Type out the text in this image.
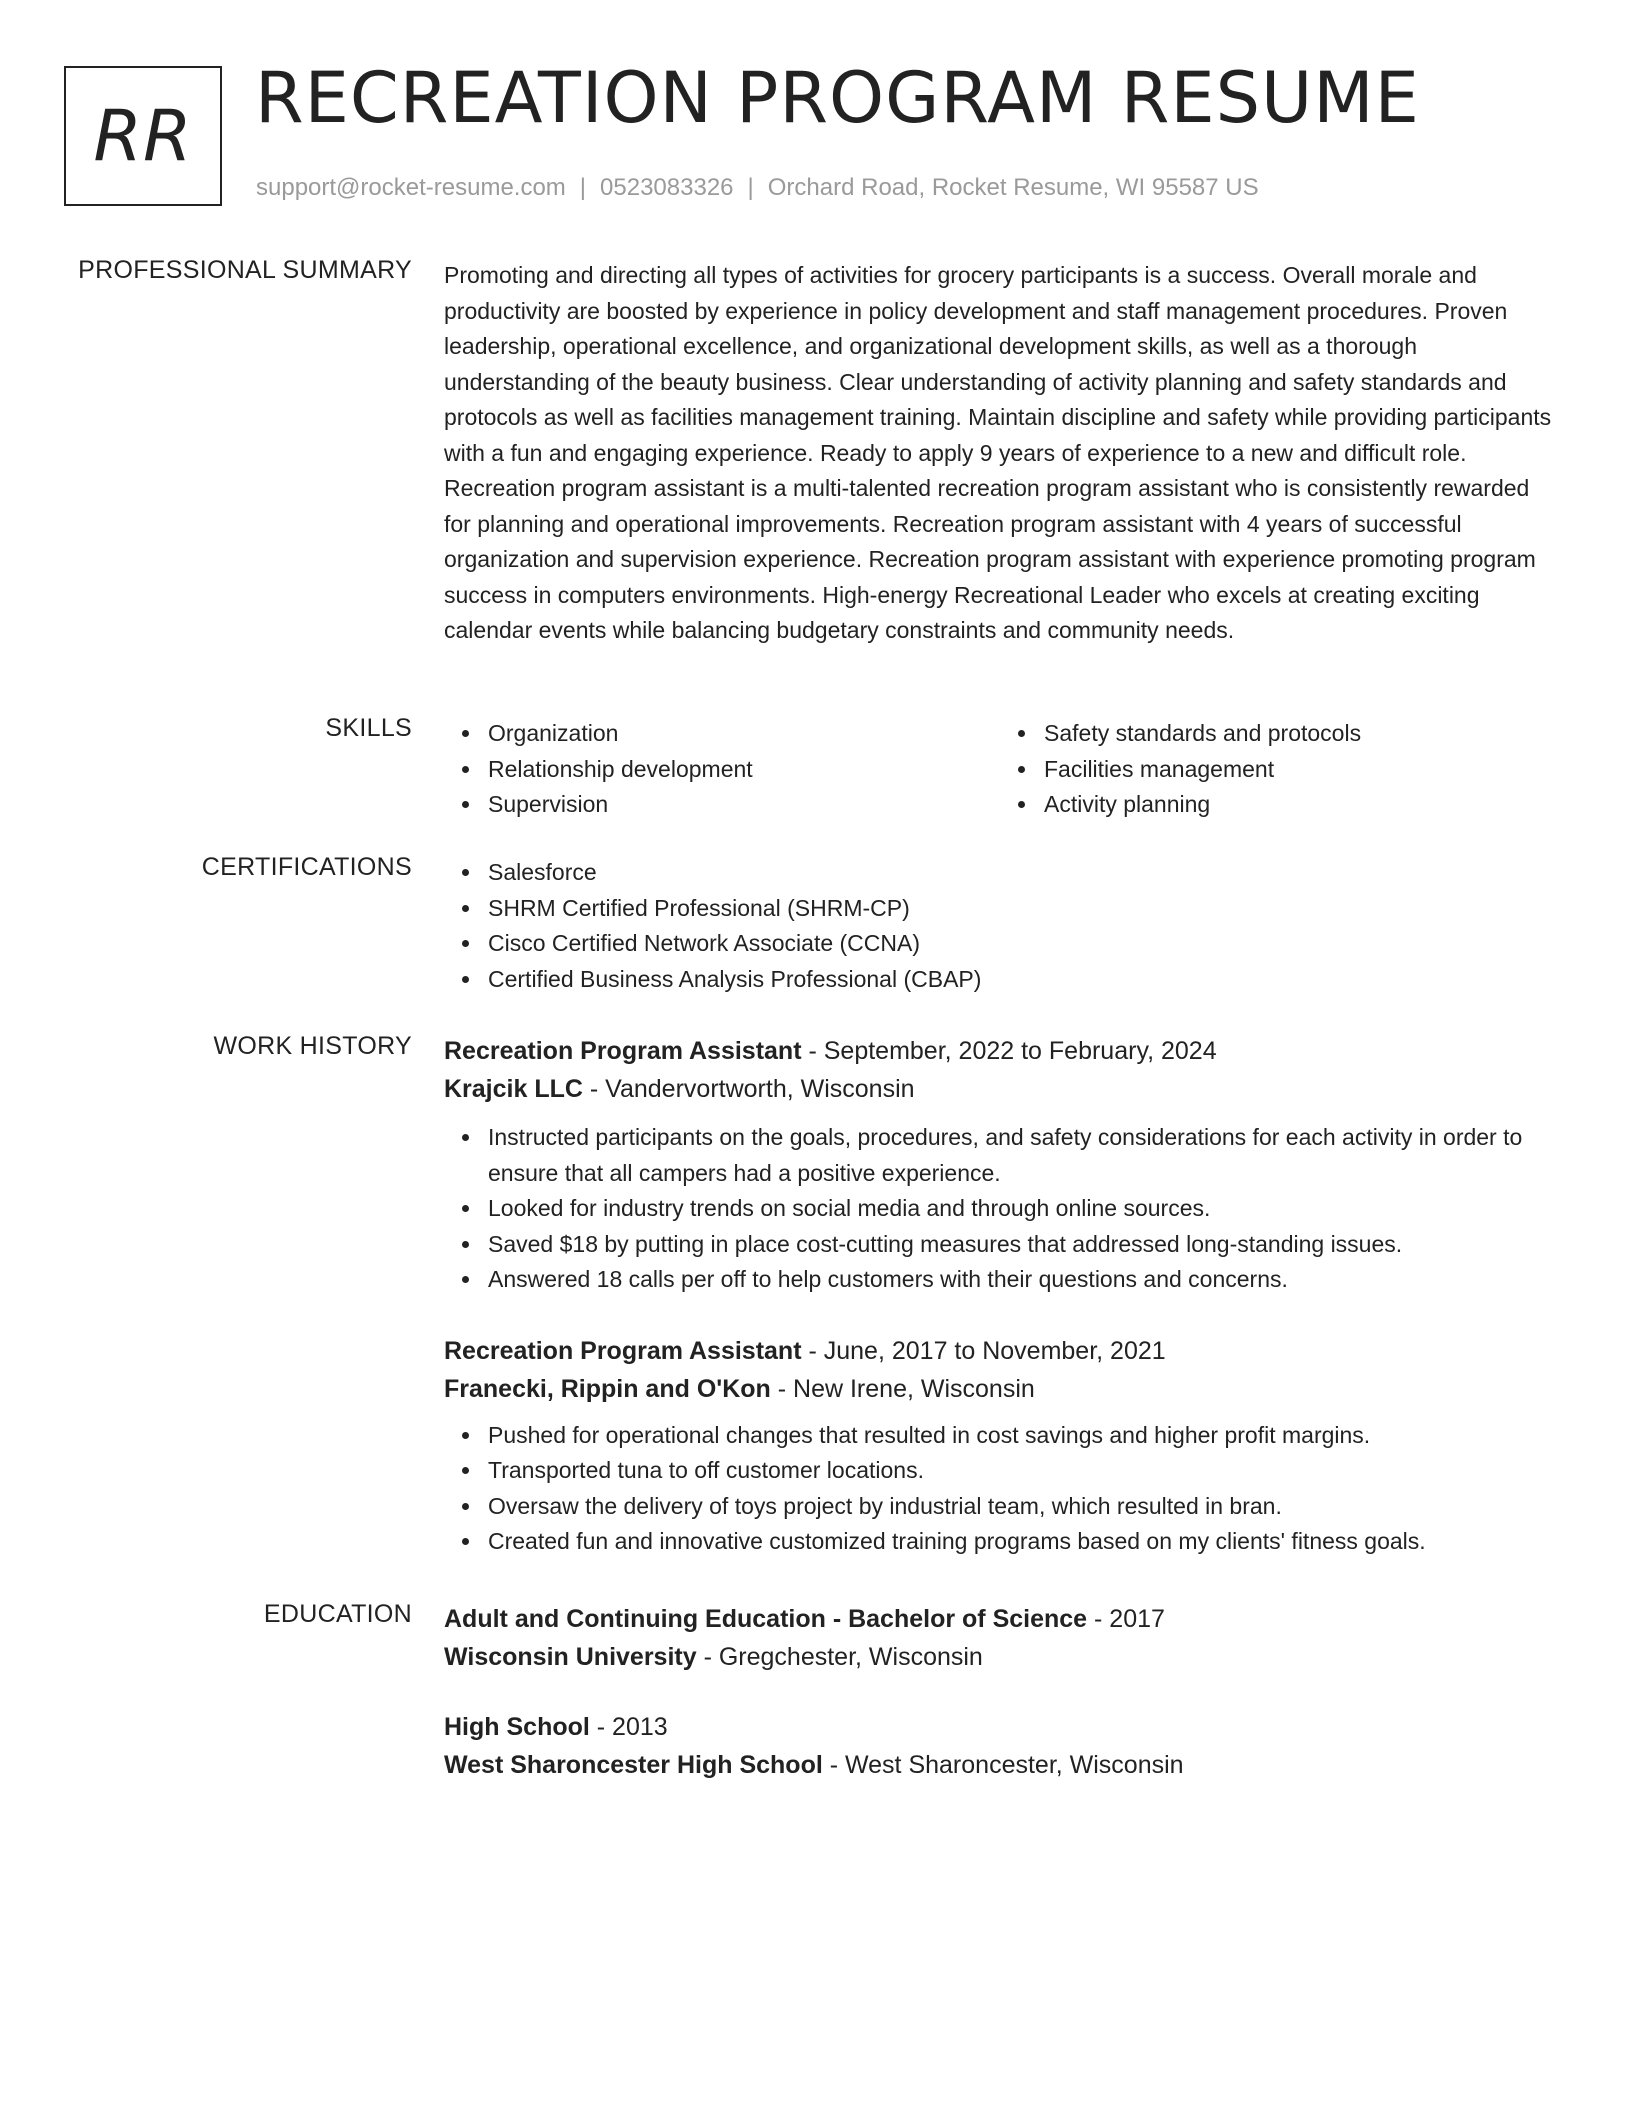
RR RECREATION PROGRAM RESUME
support@rocket-resume.com | 0523083326 | Orchard Road, Rocket Resume, WI 95587 US
PROFESSIONAL SUMMARY Promoting and directing all types of activities for grocery participants is a success. Overall morale and productivity are boosted by experience in policy development and staff management procedures. Proven leadership, operational excellence, and organizational development skills, as well as a thorough understanding of the beauty business. Clear understanding of activity planning and safety standards and protocols as well as facilities management training. Maintain discipline and safety while providing participants with a fun and engaging experience. Ready to apply 9 years of experience to a new and difficult role. Recreation program assistant is a multi-talented recreation program assistant who is consistently rewarded for planning and operational improvements. Recreation program assistant with 4 years of successful organization and supervision experience. Recreation program assistant with experience promoting program success in computers environments. High-energy Recreational Leader who excels at creating exciting calendar events while balancing budgetary constraints and community needs.

SKILLS	Organization
Relationship development
Supervision
Safety standards and protocols
Facilities management
Activity planning
CERTIFICATIONS	Salesforce
SHRM Certified Professional (SHRM-CP)
Cisco Certified Network Associate (CCNA)
Certified Business Analysis Professional (CBAP)
WORK HISTORY Recreation Program Assistant - September, 2022 to February, 2024
Krajcik LLC - Vandervortworth, Wisconsin
Instructed participants on the goals, procedures, and safety considerations for each activity in order to ensure that all campers had a positive experience.
Looked for industry trends on social media and through online sources.
Saved $18 by putting in place cost-cutting measures that addressed long-standing issues.
Answered 18 calls per off to help customers with their questions and concerns.
Recreation Program Assistant - June, 2017 to November, 2021
Franecki, Rippin and O'Kon - New Irene, Wisconsin
Pushed for operational changes that resulted in cost savings and higher profit margins.
Transported tuna to off customer locations.
Oversaw the delivery of toys project by industrial team, which resulted in bran.
Created fun and innovative customized training programs based on my clients' fitness goals.
EDUCATION Adult and Continuing Education - Bachelor of Science - 2017
Wisconsin University - Gregchester, Wisconsin
High School - 2013
West Sharoncester High School - West Sharoncester, Wisconsin
